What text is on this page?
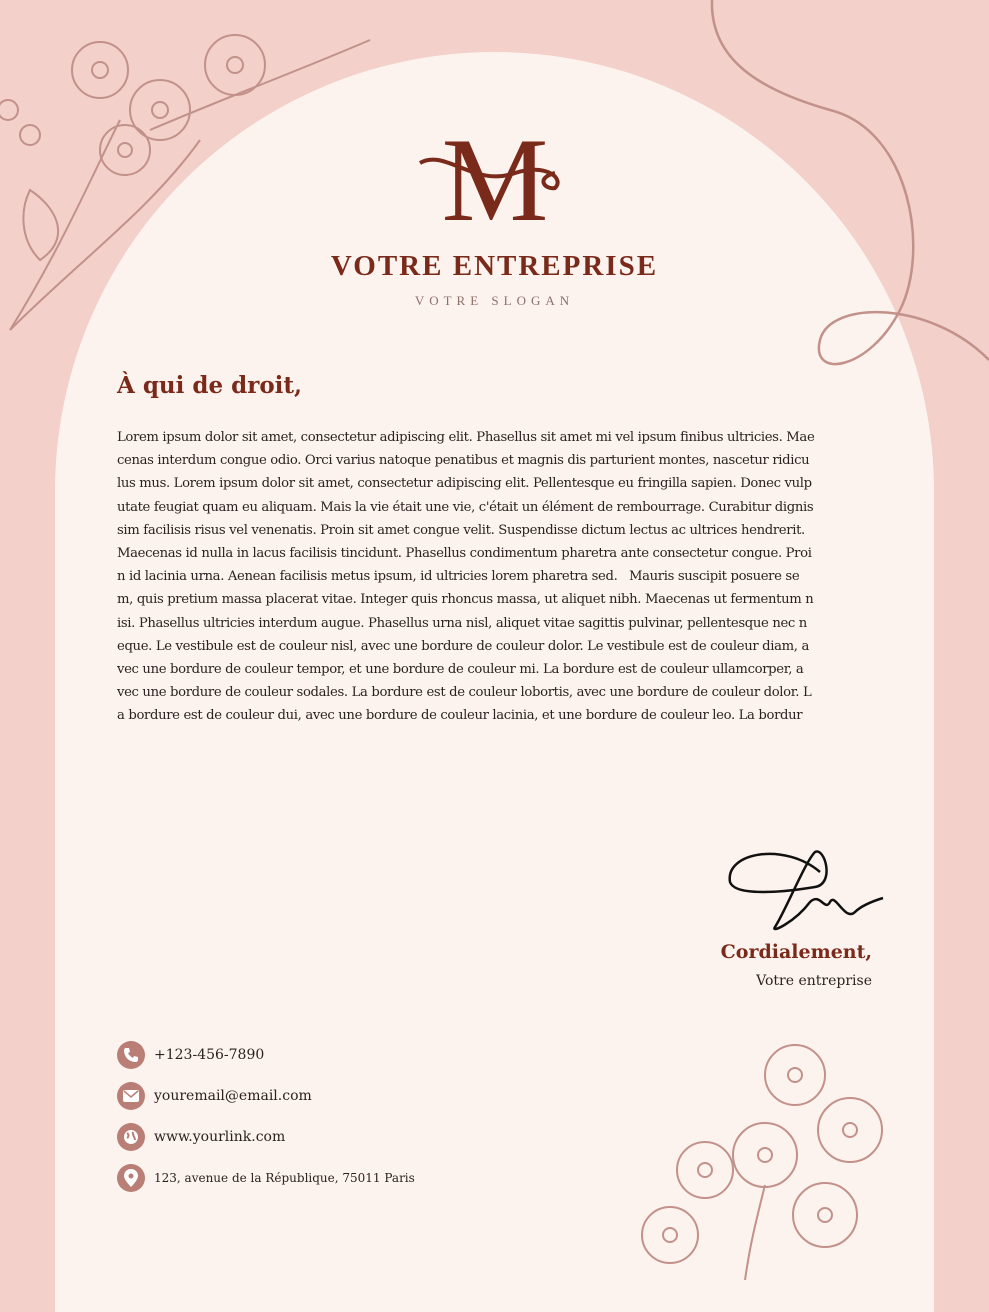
M
VOTRE ENTREPRISE
VOTRE SLOGAN
À qui de droit,
Lorem ipsum dolor sit amet, consectetur adipiscing elit. Phasellus sit amet mi vel ipsum finibus ultricies. Mae
cenas interdum congue odio. Orci varius natoque penatibus et magnis dis parturient montes, nascetur ridicu
lus mus. Lorem ipsum dolor sit amet, consectetur adipiscing elit. Pellentesque eu fringilla sapien. Donec vulp
utate feugiat quam eu aliquam. Mais la vie était une vie, c'était un élément de rembourrage. Curabitur dignis
sim facilisis risus vel venenatis. Proin sit amet congue velit. Suspendisse dictum lectus ac ultrices hendrerit.
Maecenas id nulla in lacus facilisis tincidunt. Phasellus condimentum pharetra ante consectetur congue. Proi
n id lacinia urna. Aenean facilisis metus ipsum, id ultricies lorem pharetra sed.   Mauris suscipit posuere se
m, quis pretium massa placerat vitae. Integer quis rhoncus massa, ut aliquet nibh. Maecenas ut fermentum n
isi. Phasellus ultricies interdum augue. Phasellus urna nisl, aliquet vitae sagittis pulvinar, pellentesque nec n
eque. Le vestibule est de couleur nisl, avec une bordure de couleur dolor. Le vestibule est de couleur diam, a
vec une bordure de couleur tempor, et une bordure de couleur mi. La bordure est de couleur ullamcorper, a
vec une bordure de couleur sodales. La bordure est de couleur lobortis, avec une bordure de couleur dolor. L
a bordure est de couleur dui, avec une bordure de couleur lacinia, et une bordure de couleur leo. La bordur
Cordialement,
Votre entreprise
+123-456-7890
youremail@email.com
www.yourlink.com
123, avenue de la République, 75011 Paris
